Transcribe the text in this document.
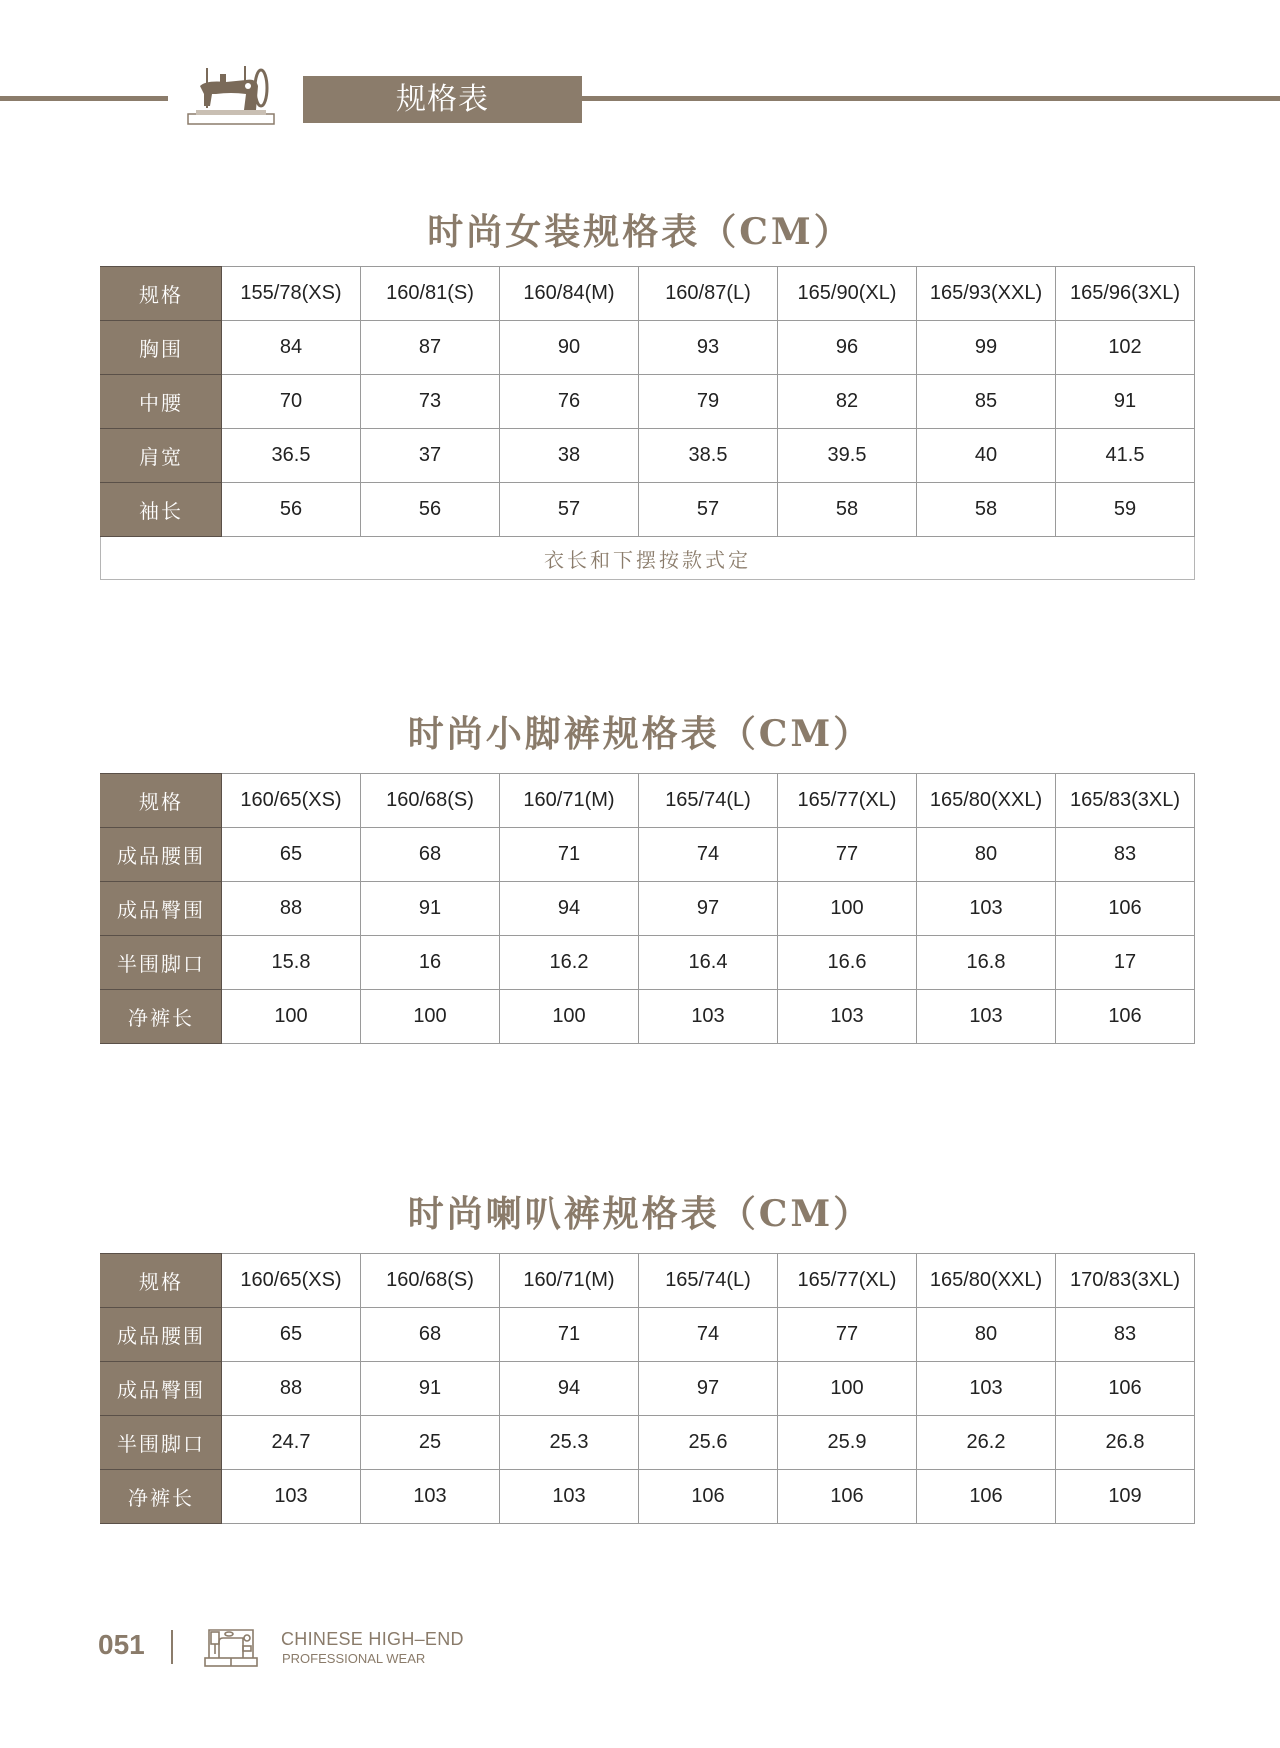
规格表
时尚女装规格表（CM）
规格	155/78(XS)	160/81(S)	160/84(M)	160/87(L)	165/90(XL)	165/93(XXL)	165/96(3XL)
胸围	84	87	90	93	96	99	102
中腰	70	73	76	79	82	85	91
肩宽	36.5	37	38	38.5	39.5	40	41.5
袖长	56	56	57	57	58	58	59
衣长和下摆按款式定							
时尚小脚裤规格表（CM）
规格	160/65(XS)	160/68(S)	160/71(M)	165/74(L)	165/77(XL)	165/80(XXL)	165/83(3XL)
成品腰围	65	68	71	74	77	80	83
成品臀围	88	91	94	97	100	103	106
半围脚口	15.8	16	16.2	16.4	16.6	16.8	17
净裤长	100	100	100	103	103	103	106
时尚喇叭裤规格表（CM）
规格	160/65(XS)	160/68(S)	160/71(M)	165/74(L)	165/77(XL)	165/80(XXL)	170/83(3XL)
成品腰围	65	68	71	74	77	80	83
成品臀围	88	91	94	97	100	103	106
半围脚口	24.7	25	25.3	25.6	25.9	26.2	26.8
净裤长	103	103	103	106	106	106	109
051	CHINESE HIGH–END
PROFESSIONAL WEAR
